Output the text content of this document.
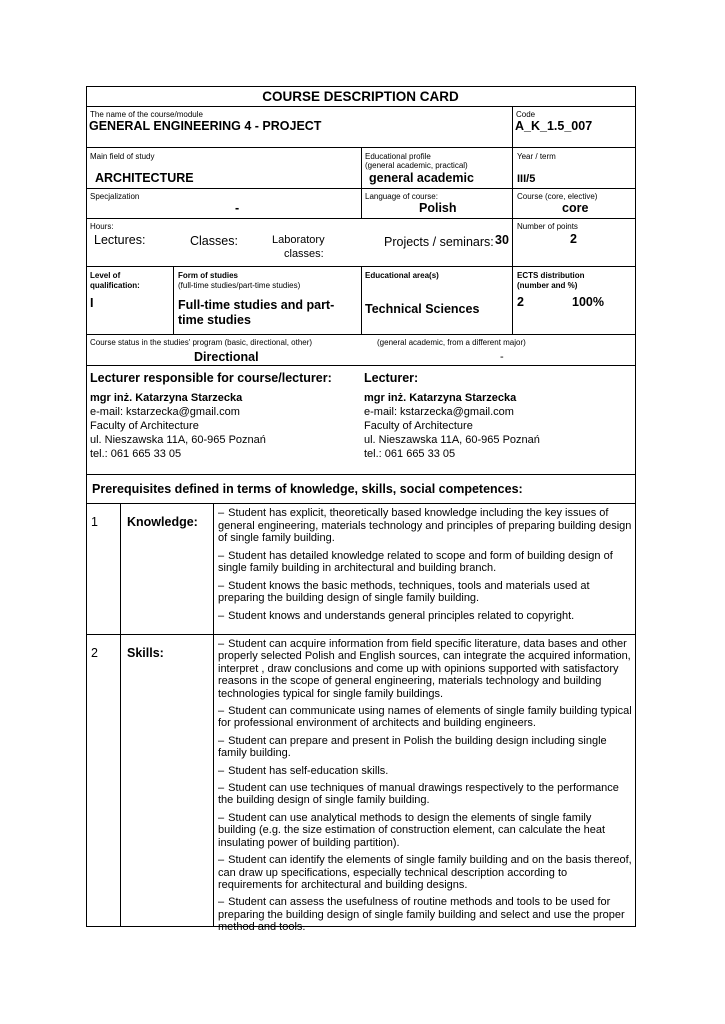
COURSE DESCRIPTION CARD
The name of the course/module
GENERAL ENGINEERING 4 - PROJECT
Code
A_K_1.5_007
Main field of study
ARCHITECTURE
Educational profile
(general academic, practical)
general academic
Year / term
III/5
Specjalization
-
Language of course:
Polish
Course (core, elective)
core
Hours:
Lectures:	Classes:	Laboratory
classes:
Projects / seminars: 30
Number of points
2
Level of
qualification:
I
Form of studies
(full-time studies/part-time studies)
Full-time studies and part-
time studies
Educational area(s)
Technical Sciences
ECTS distribution
(number and %)
2	100%
Course status in the studies' program (basic, directional, other)	(general academic, from a different major)
Directional	-
Lecturer responsible for course/lecturer:
mgr inż. Katarzyna Starzecka
e-mail: kstarzecka@gmail.com
Faculty of Architecture
ul. Nieszawska 11A, 60-965 Poznań
tel.: 061 665 33 05
Lecturer:
mgr inż. Katarzyna Starzecka
e-mail: kstarzecka@gmail.com
Faculty of Architecture
ul. Nieszawska 11A, 60-965 Poznań
tel.: 061 665 33 05
Prerequisites defined in terms of knowledge, skills, social competences:
1 Knowledge:

– Student has explicit, theoretically based knowledge including the key issues of general engineering, materials technology and principles of preparing building design of single family building.

– Student has detailed knowledge related to scope and form of building design of single family building in architectural and building branch.

– Student knows the basic methods, techniques, tools and materials used at preparing the building design of single family building.

– Student knows and understands general principles related to copyright.

2 Skills:

– Student can acquire information from field specific literature, data bases and other properly selected Polish and English sources, can integrate the acquired information, interpret , draw conclusions and come up with opinions supported with satisfactory reasons in the scope of general engineering, materials technology and building technologies typical for single family buildings.

– Student can communicate using names of elements of single family building typical for professional environment of architects and building engineers.

– Student can prepare and present in Polish the building design including single family building.

– Student has self-education skills.

– Student can use techniques of manual drawings respectively to the performance the building design of single family building.

– Student can use analytical methods to design the elements of single family building (e.g. the size estimation of construction element, can calculate the heat insulating power of building partition).

– Student can identify the elements of single family building and on the basis thereof, can draw up specifications, especially technical description according to requirements for architectural and building designs.

– Student can assess the usefulness of routine methods and tools to be used for preparing the building design of single family building and select and use the proper method and tools.
